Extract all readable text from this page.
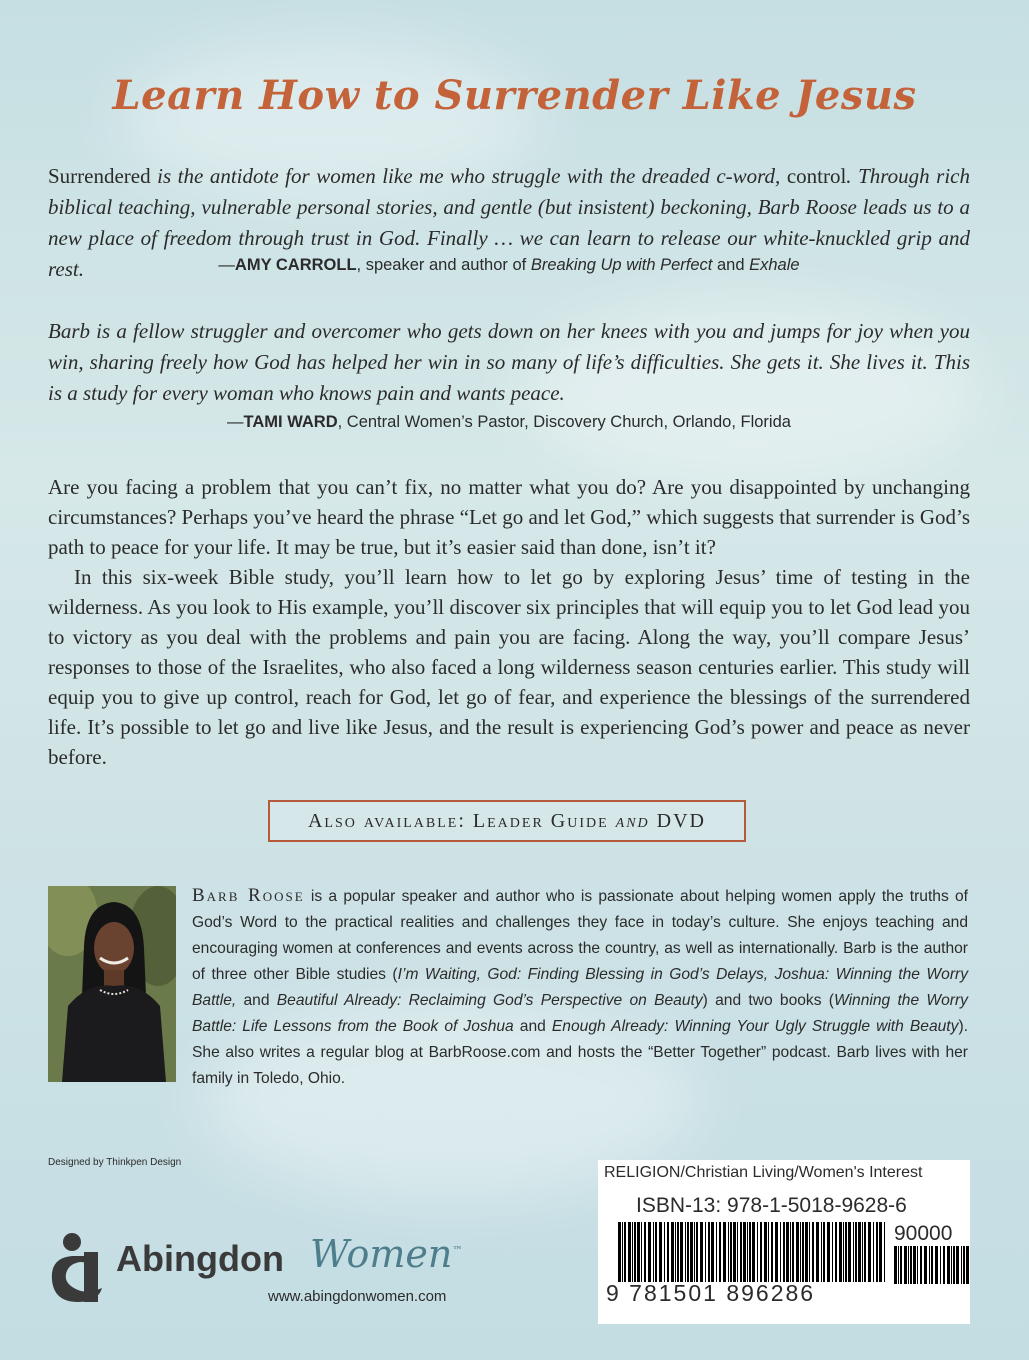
Learn How to Surrender Like Jesus
Surrendered is the antidote for women like me who struggle with the dreaded c-word, control. Through rich biblical teaching, vulnerable personal stories, and gentle (but insistent) beckoning, Barb Roose leads us to a new place of freedom through trust in God. Finally … we can learn to release our white-knuckled grip and rest.	—AMY CARROLL, speaker and author of Breaking Up with Perfect and Exhale
Barb is a fellow struggler and overcomer who gets down on her knees with you and jumps for joy when you win, sharing freely how God has helped her win in so many of life’s difficulties. She gets it. She lives it. This is a study for every woman who knows pain and wants peace.
—TAMI WARD, Central Women’s Pastor, Discovery Church, Orlando, Florida
Are you facing a problem that you can’t fix, no matter what you do? Are you disappointed by unchanging circumstances? Perhaps you’ve heard the phrase “Let go and let God,” which suggests that surrender is God’s path to peace for your life. It may be true, but it’s easier said than done, isn’t it?
In this six-week Bible study, you’ll learn how to let go by exploring Jesus’ time of testing in the wilderness. As you look to His example, you’ll discover six principles that will equip you to let God lead you to victory as you deal with the problems and pain you are facing. Along the way, you’ll compare Jesus’ responses to those of the Israelites, who also faced a long wilderness season centuries earlier. This study will equip you to give up control, reach for God, let go of fear, and experience the blessings of the surrendered life. It’s possible to let go and live like Jesus, and the result is experiencing God’s power and peace as never before.
Also available: Leader Guide and DVD
Barb Roose is a popular speaker and author who is passionate about helping women apply the truths of God’s Word to the practical realities and challenges they face in today’s culture. She enjoys teaching and encouraging women at conferences and events across the country, as well as internationally. Barb is the author of three other Bible studies (I’m Waiting, God: Finding Blessing in God’s Delays, Joshua: Winning the Worry Battle, and Beautiful Already: Reclaiming God’s Perspective on Beauty) and two books (Winning the Worry Battle: Life Lessons from the Book of Joshua and Enough Already: Winning Your Ugly Struggle with Beauty). She also writes a regular blog at BarbRoose.com and hosts the “Better Together” podcast. Barb lives with her family in Toledo, Ohio.
Designed by Thinkpen Design
Abingdon Women™
www.abingdonwomen.com
RELIGION/Christian Living/Women's Interest
ISBN-13: 978-1-5018-9628-6
90000
9 781501 896286
